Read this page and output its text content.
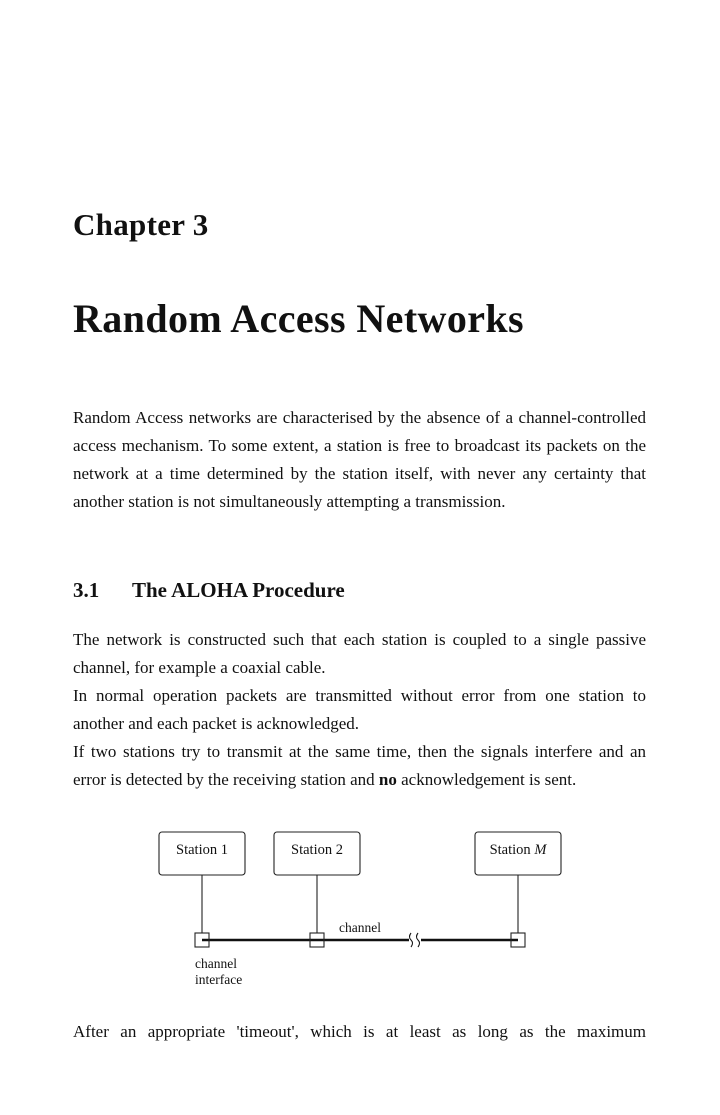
Chapter 3
Random Access Networks

Random Access networks are characterised by the absence of a channel-controlled access mechanism. To some extent, a station is free to broadcast its packets on the network at a time determined by the station itself, with never any certainty that another station is not simultaneously attempting a transmission.

3.1 The ALOHA Procedure
The network is constructed such that each station is coupled to a single passive channel, for example a coaxial cable.
In normal operation packets are transmitted without error from one station to another and each packet is acknowledged.
If two stations try to transmit at the same time, then the signals interfere and an error is detected by the receiving station and no acknowledgement is sent.
Station 1	Station 2	Station M
channel
channel
interface

After an appropriate 'timeout', which is at least as long as the maximum
